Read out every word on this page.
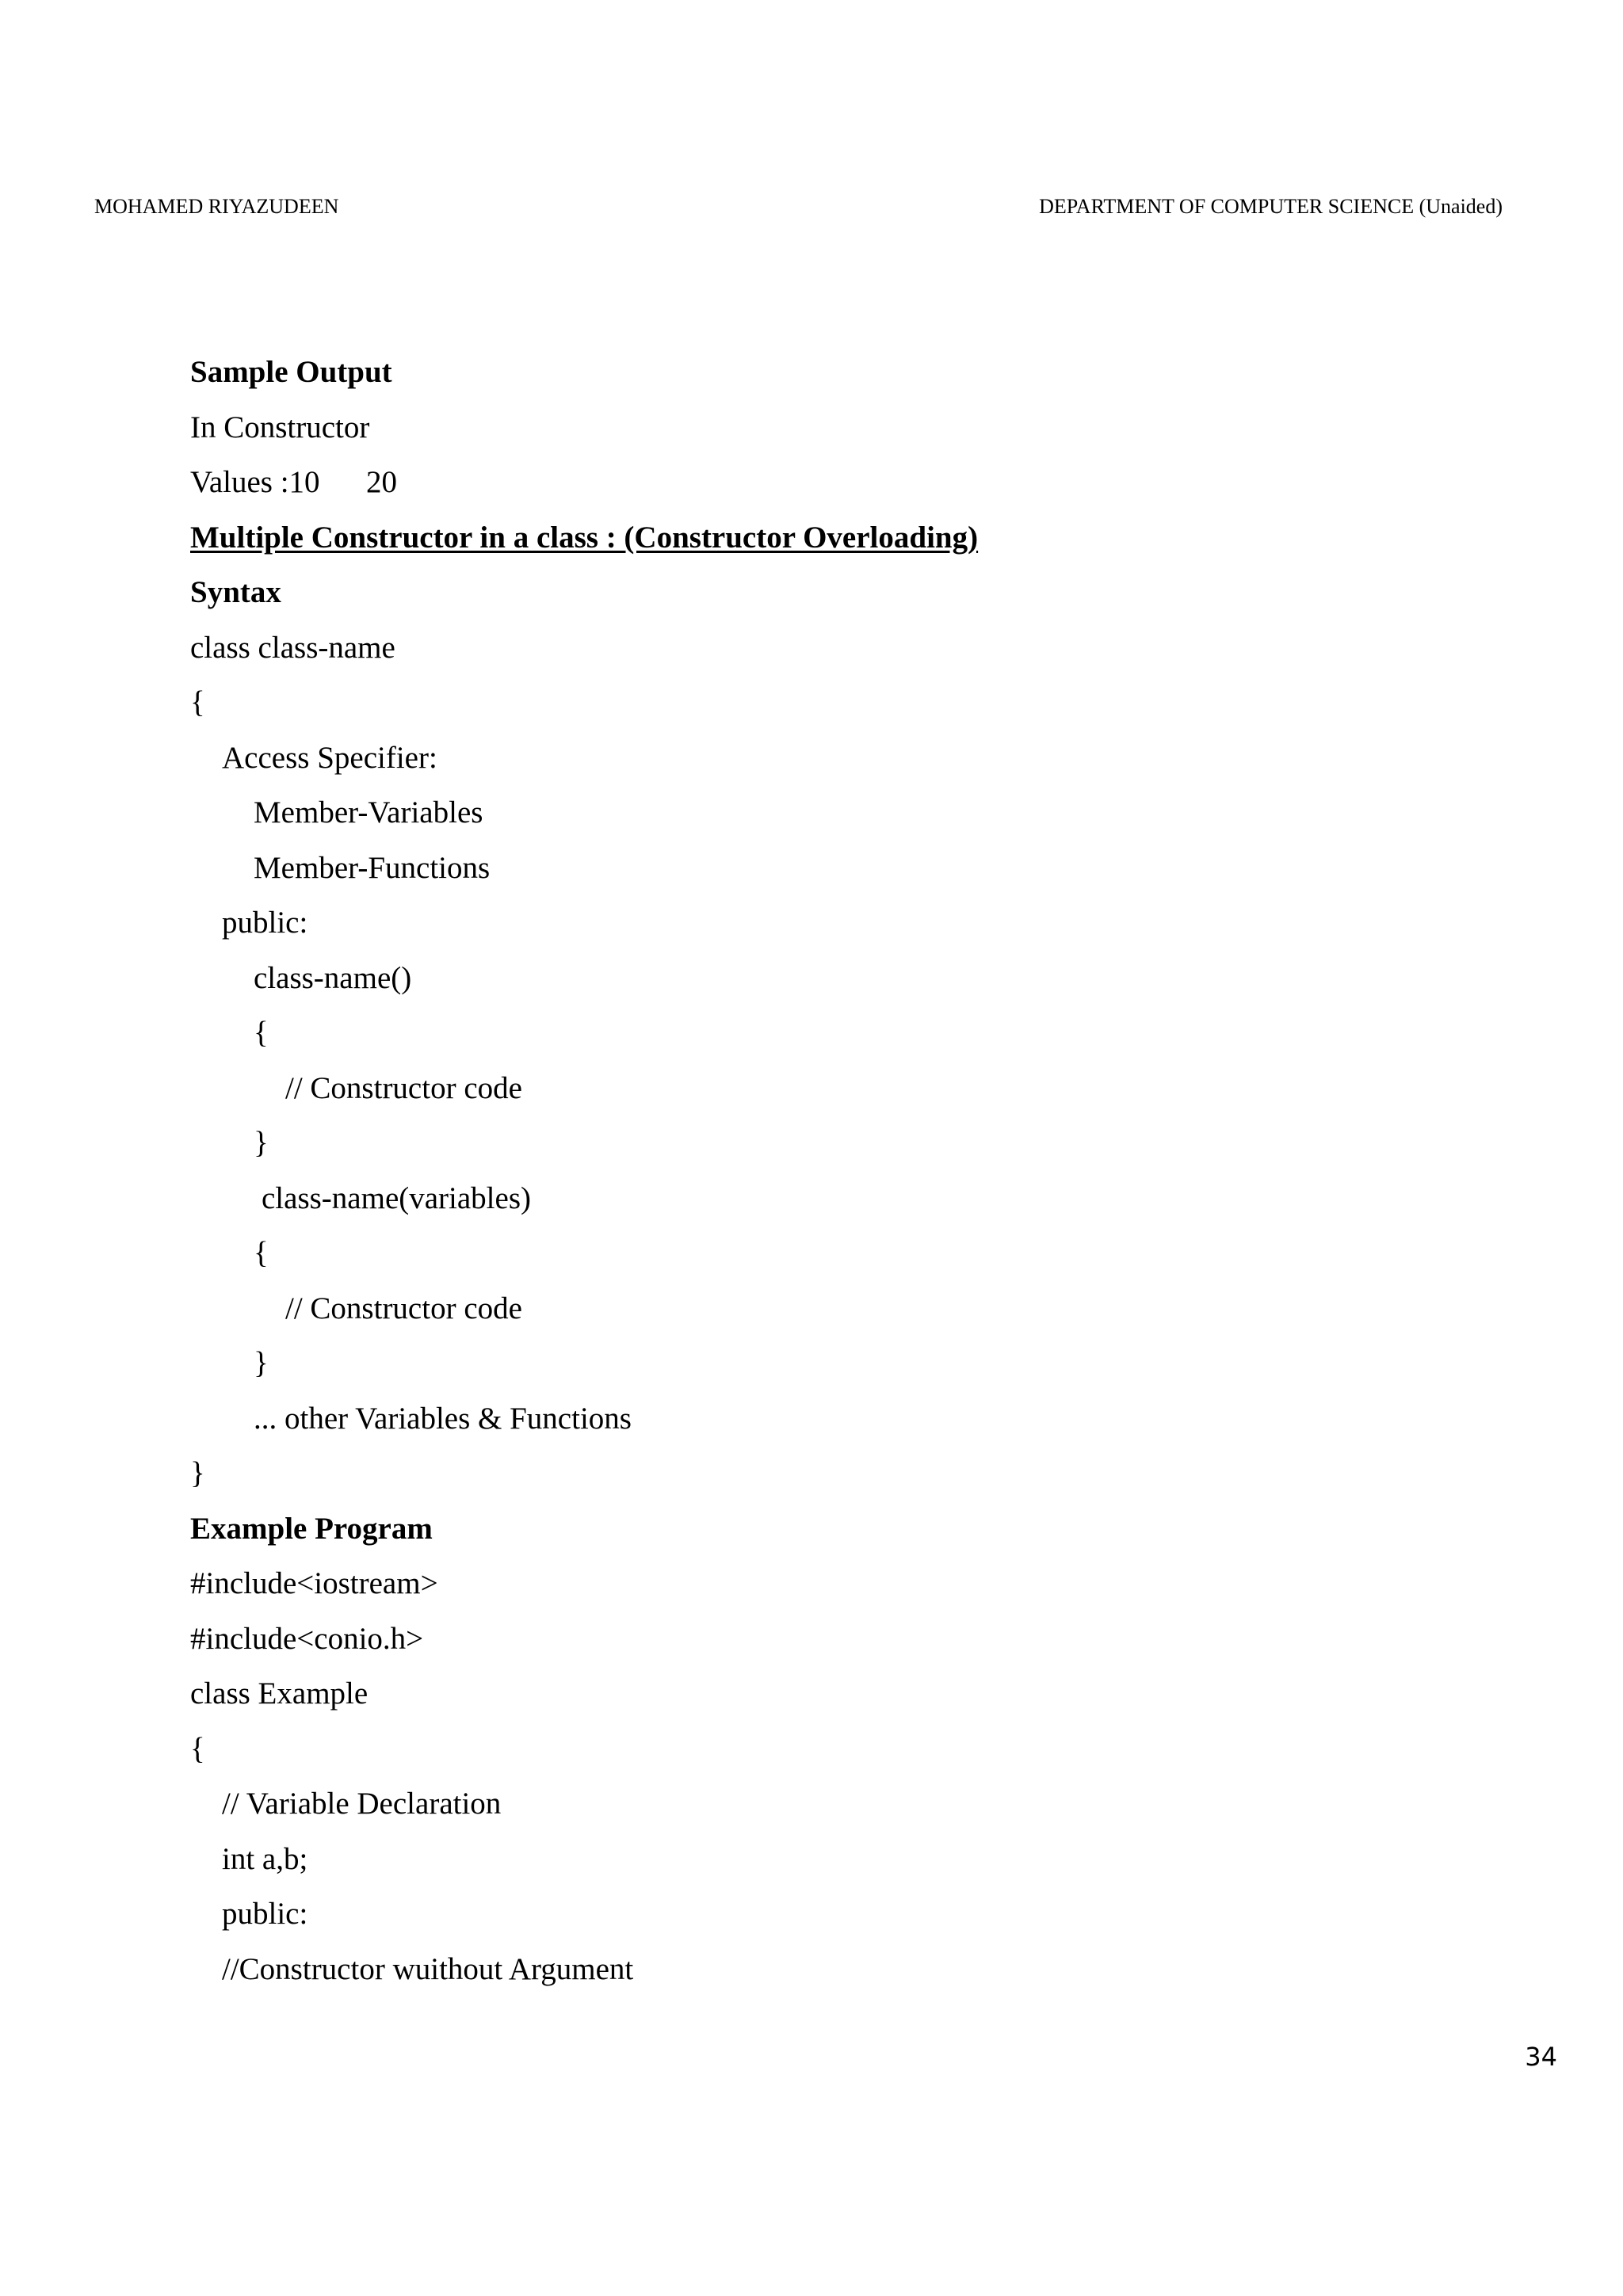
MOHAMED RIYAZUDEEN	DEPARTMENT OF COMPUTER SCIENCE (Unaided)
Sample Output
In Constructor
Values :10      20
Multiple Constructor in a class : (Constructor Overloading)
Syntax
class class-name
{
Access Specifier:
Member-Variables
Member-Functions
public:
class-name()
{
// Constructor code
}
class-name(variables)
{
// Constructor code
}
... other Variables & Functions
}
Example Program
#include<iostream>
#include<conio.h>
class Example
{
// Variable Declaration
int a,b;
public:
//Constructor wuithout Argument
34
